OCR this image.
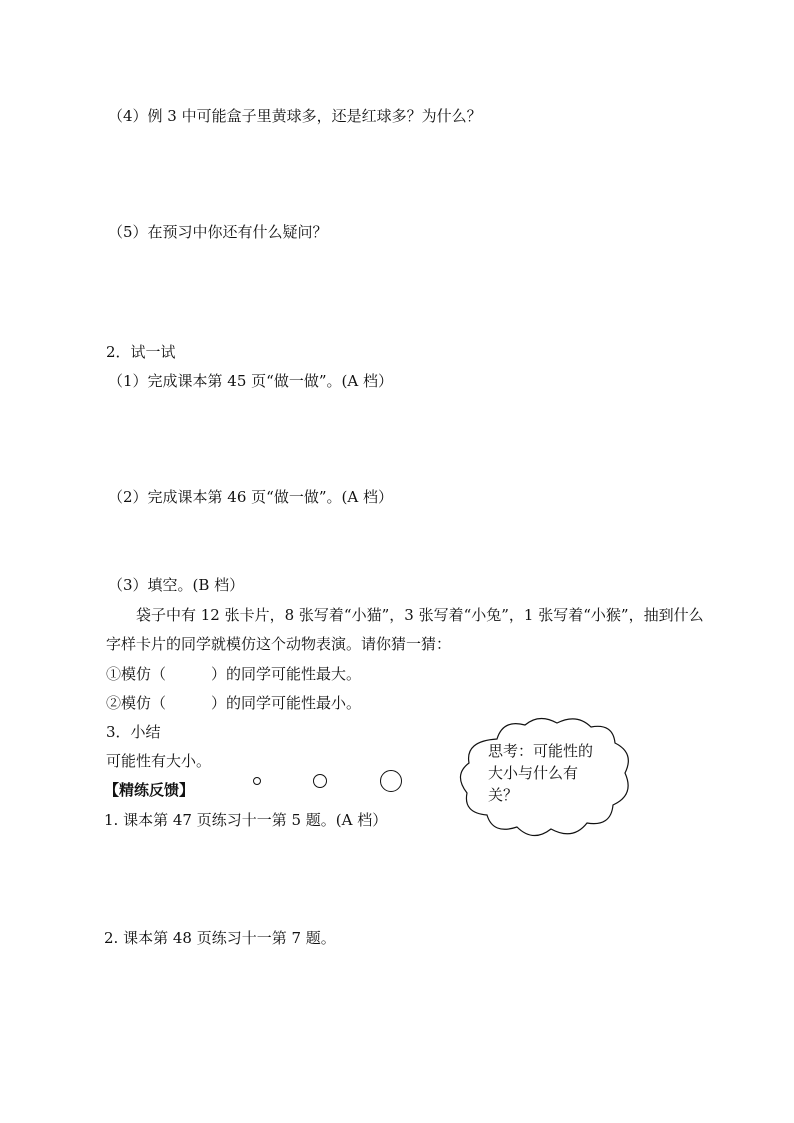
（4）例 3 中可能盒子里黄球多，还是红球多？为什么？
（5）在预习中你还有什么疑问？
2．试一试
（1）完成课本第 45 页“做一做”。(A 档）
（2）完成课本第 46 页“做一做”。(A 档）
（3）填空。(B 档）
袋子中有 12 张卡片，8 张写着“小猫”，3 张写着“小兔”，1 张写着“小猴”，抽到什么
字样卡片的同学就模仿这个动物表演。请你猜一猜：
①模仿（　　　）的同学可能性最大。
②模仿（　　　）的同学可能性最小。
3．小结
可能性有大小。
【精练反馈】
1. 课本第 47 页练习十一第 5 题。(A 档）
2. 课本第 48 页练习十一第 7 题。
思考：可能性的大小与什么有关？
